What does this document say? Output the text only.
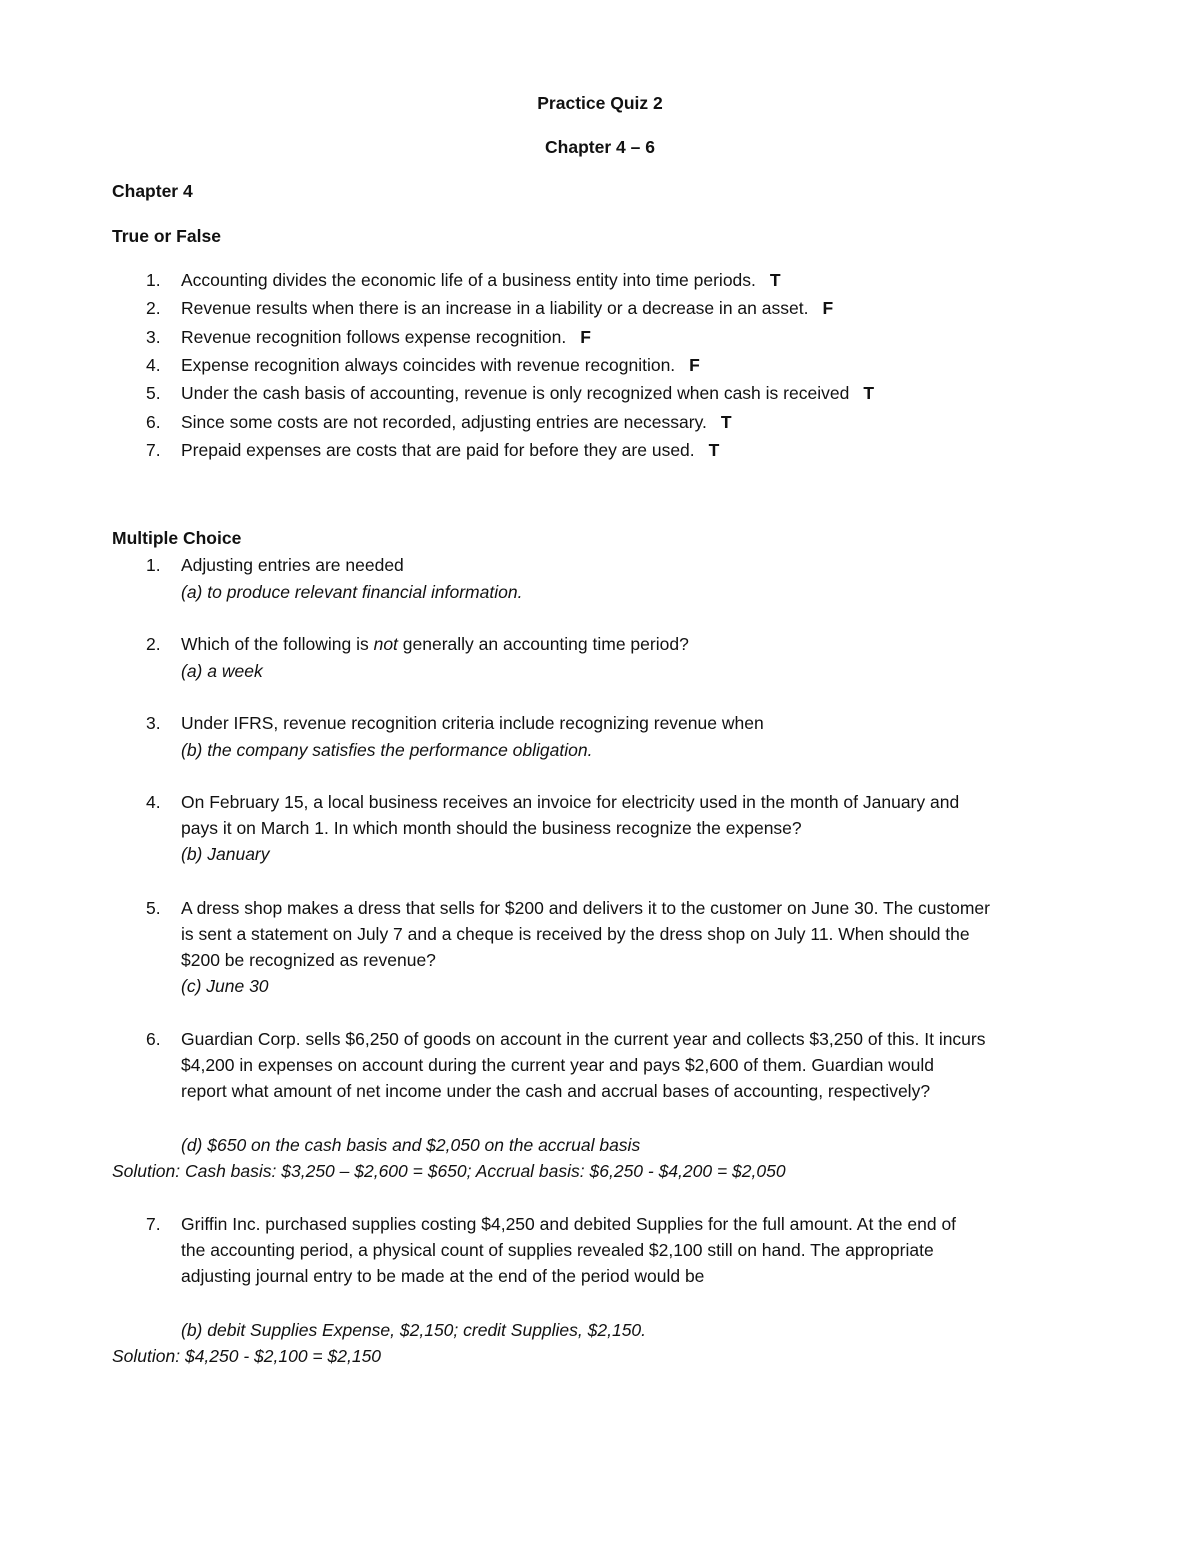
Practice Quiz 2
Chapter 4 – 6
Chapter 4
True or False
1. Accounting divides the economic life of a business entity into time periods. T
2. Revenue results when there is an increase in a liability or a decrease in an asset. F
3. Revenue recognition follows expense recognition. F
4. Expense recognition always coincides with revenue recognition. F
5. Under the cash basis of accounting, revenue is only recognized when cash is received T
6. Since some costs are not recorded, adjusting entries are necessary. T
7. Prepaid expenses are costs that are paid for before they are used. T
Multiple Choice
1. Adjusting entries are needed
(a) to produce relevant financial information.
2. Which of the following is not generally an accounting time period?
(a) a week
3. Under IFRS, revenue recognition criteria include recognizing revenue when
(b) the company satisfies the performance obligation.
4. On February 15, a local business receives an invoice for electricity used in the month of January and
pays it on March 1. In which month should the business recognize the expense?
(b) January
5. A dress shop makes a dress that sells for $200 and delivers it to the customer on June 30. The customer
is sent a statement on July 7 and a cheque is received by the dress shop on July 11. When should the
$200 be recognized as revenue?
(c) June 30
6. Guardian Corp. sells $6,250 of goods on account in the current year and collects $3,250 of this. It incurs
$4,200 in expenses on account during the current year and pays $2,600 of them. Guardian would
report what amount of net income under the cash and accrual bases of accounting, respectively?
(d) $650 on the cash basis and $2,050 on the accrual basis
Solution: Cash basis: $3,250 – $2,600 = $650; Accrual basis: $6,250 - $4,200 = $2,050
7. Griffin Inc. purchased supplies costing $4,250 and debited Supplies for the full amount. At the end of
the accounting period, a physical count of supplies revealed $2,100 still on hand. The appropriate
adjusting journal entry to be made at the end of the period would be
(b) debit Supplies Expense, $2,150; credit Supplies, $2,150.
Solution: $4,250 - $2,100 = $2,150
